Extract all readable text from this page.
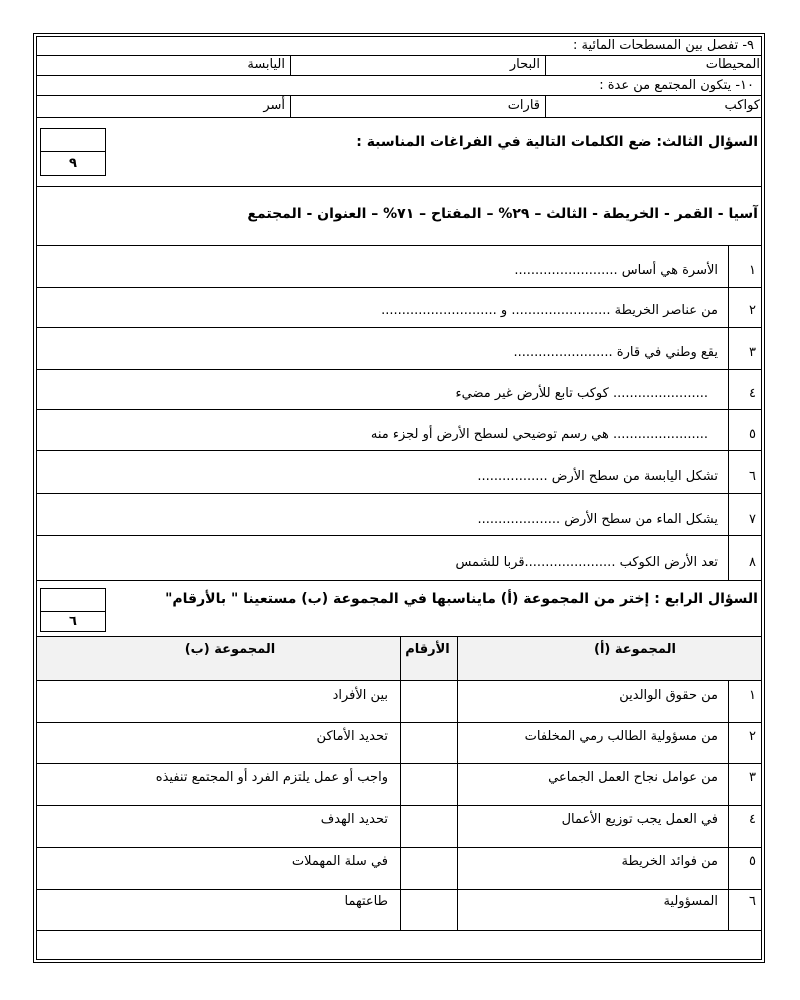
٩- تفصل بين المسطحات المائية :
المحيطات
البحار
اليابسة
١٠- يتكون المجتمع من عدة :
كواكب
قارات
أسر
السؤال الثالث: ضع الكلمات التالية في الفراغات المناسبة :
٩
آسيا - القمر - الخريطة - الثالث – ٢٩% – المفتاح – ٧١% – العنوان - المجتمع
١
الأسرة هي أساس .........................
٢
من عناصر الخريطة ........................ و ............................
٣
يقع وطني في قارة ........................
٤
....................... كوكب تابع للأرض غير مضيء
٥
....................... هي رسم توضيحي لسطح الأرض أو لجزء منه
٦
تشكل اليابسة من سطح الأرض .................
٧
يشكل الماء من سطح الأرض ....................
٨
تعد الأرض الكوكب ......................قربا للشمس
السؤال الرابع : إختر من المجموعة (أ) مايناسبها في المجموعة (ب) مستعينا " بالأرقام"
٦
المجموعة (أ)
الأرقام
المجموعة (ب)
١
من حقوق الوالدين
بين الأفراد
٢
من مسؤولية الطالب رمي المخلفات
تحديد الأماكن
٣
من عوامل نجاح العمل الجماعي
واجب أو عمل يلتزم الفرد أو المجتمع تنفيذه
٤
في العمل يجب توزيع الأعمال
تحديد الهدف
٥
من فوائد الخريطة
في سلة المهملات
٦
المسؤولية
طاعتهما
